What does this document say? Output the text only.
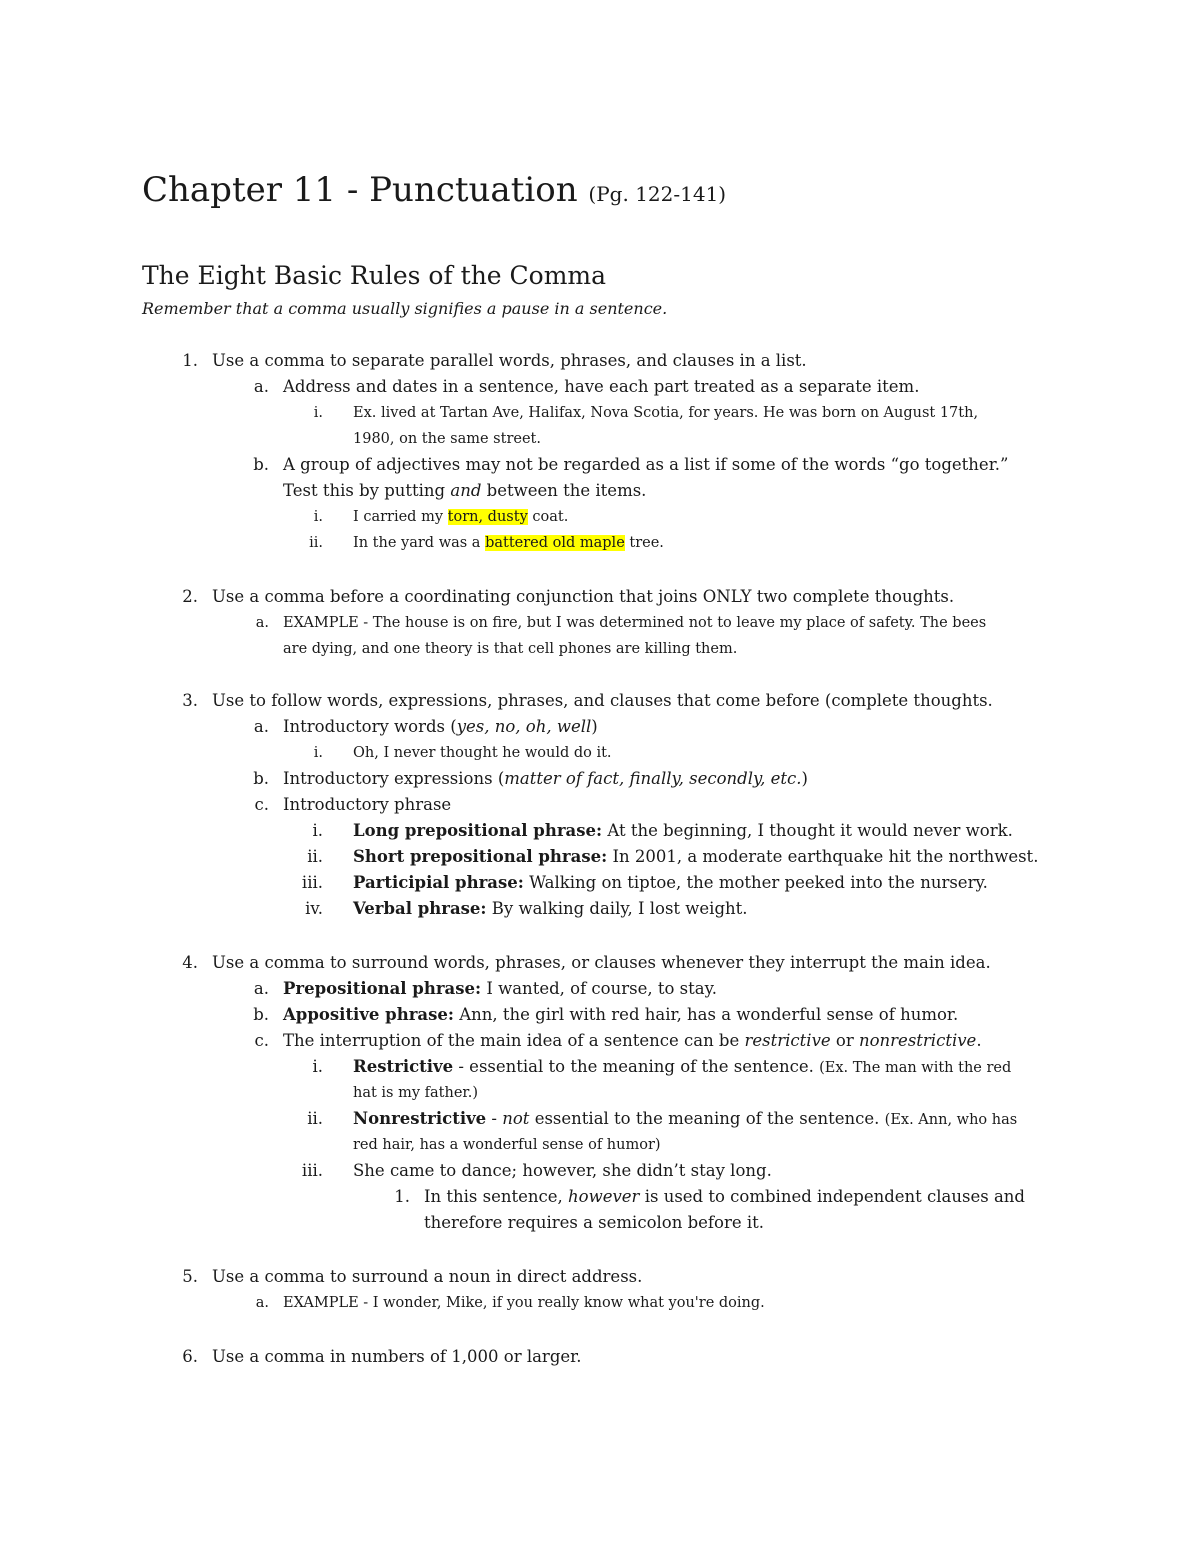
Chapter 11 - Punctuation (Pg. 122-141)
The Eight Basic Rules of the Comma
Remember that a comma usually signifies a pause in a sentence.
1. Use a comma to separate parallel words, phrases, and clauses in a list.
a. Address and dates in a sentence, have each part treated as a separate item.
i. Ex. lived at Tartan Ave, Halifax, Nova Scotia, for years. He was born on August 17th,
1980, on the same street.
b. A group of adjectives may not be regarded as a list if some of the words “go together.”
Test this by putting and between the items.
i. I carried my torn, dusty coat.
ii. In the yard was a battered old maple tree.
2. Use a comma before a coordinating conjunction that joins ONLY two complete thoughts.
a. EXAMPLE - The house is on fire, but I was determined not to leave my place of safety. The bees
are dying, and one theory is that cell phones are killing them.
3. Use to follow words, expressions, phrases, and clauses that come before (complete thoughts.
a. Introductory words (yes, no, oh, well)
i. Oh, I never thought he would do it.
b. Introductory expressions (matter of fact, finally, secondly, etc.)
c. Introductory phrase
i. Long prepositional phrase: At the beginning, I thought it would never work.
ii. Short prepositional phrase: In 2001, a moderate earthquake hit the northwest.
iii. Participial phrase: Walking on tiptoe, the mother peeked into the nursery.
iv. Verbal phrase: By walking daily, I lost weight.
4. Use a comma to surround words, phrases, or clauses whenever they interrupt the main idea.
a. Prepositional phrase: I wanted, of course, to stay.
b. Appositive phrase: Ann, the girl with red hair, has a wonderful sense of humor.
c. The interruption of the main idea of a sentence can be restrictive or nonrestrictive.
i. Restrictive - essential to the meaning of the sentence. (Ex. The man with the red
hat is my father.)
ii. Nonrestrictive - not essential to the meaning of the sentence. (Ex. Ann, who has
red hair, has a wonderful sense of humor)
iii. She came to dance; however, she didn’t stay long.
1. In this sentence, however is used to combined independent clauses and
therefore requires a semicolon before it.
5. Use a comma to surround a noun in direct address.
a. EXAMPLE - I wonder, Mike, if you really know what you're doing.
6. Use a comma in numbers of 1,000 or larger.
